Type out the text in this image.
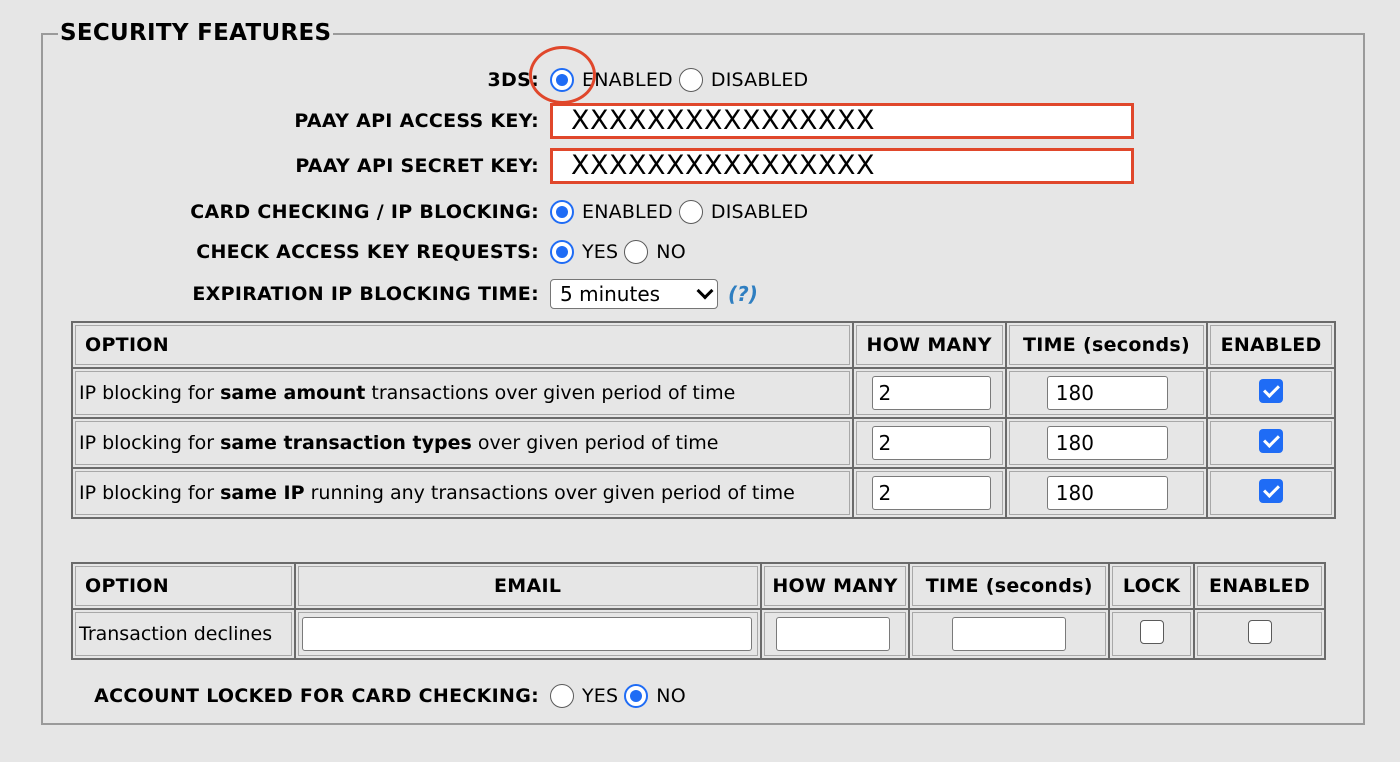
SECURITY FEATURES
3DS: ENABLED DISABLED
PAAY API ACCESS KEY:	XXXXXXXXXXXXXXXX
PAAY API SECRET KEY:	XXXXXXXXXXXXXXXX
CARD CHECKING / IP BLOCKING: ENABLED DISABLED
CHECK ACCESS KEY REQUESTS: YES NO
EXPIRATION IP BLOCKING TIME: 5 minutes	(?)
OPTION	HOW MANY	TIME (seconds)	ENABLED
IP blocking for same amount transactions over given period of time	2	180	

IP blocking for same transaction types over given period of time	2	180	

IP blocking for same IP running any transactions over given period of time	2	180	

OPTION	EMAIL	HOW MANY	TIME (seconds)	LOCK	ENABLED
Transaction declines	

ACCOUNT LOCKED FOR CARD CHECKING: YES NO
